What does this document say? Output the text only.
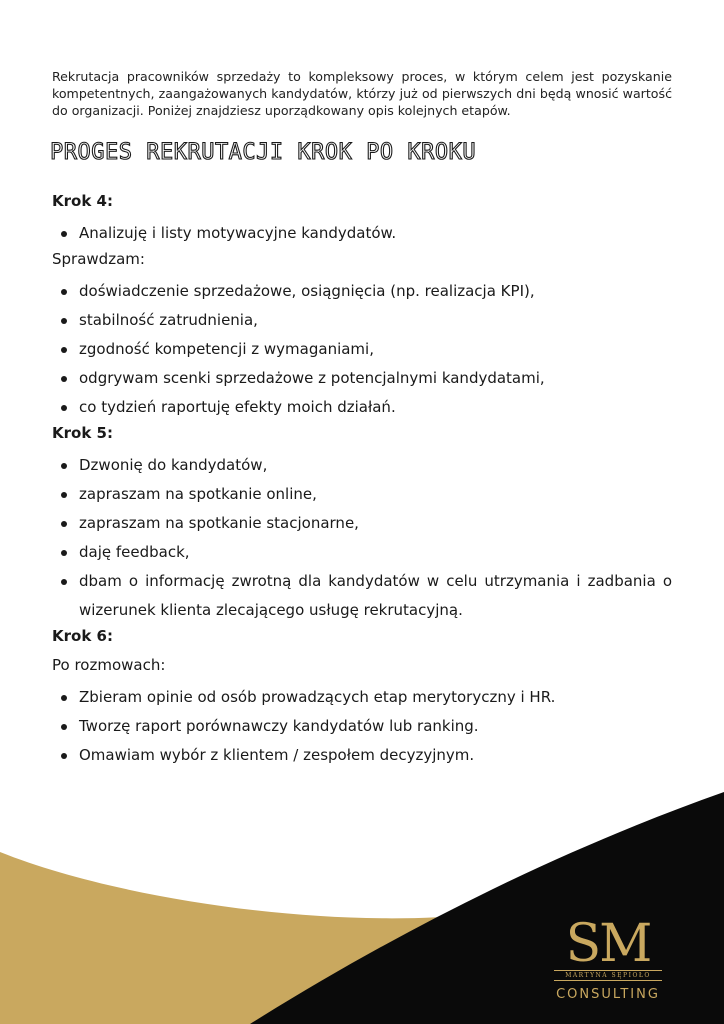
Rekrutacja pracowników sprzedaży to kompleksowy proces, w którym celem jest pozyskanie kompetentnych, zaangażowanych kandydatów, którzy już od pierwszych dni będą wnosić wartość do organizacji. Poniżej znajdziesz uporządkowany opis kolejnych etapów.
PROGES REKRUTACJI KROK PO KROKU

Krok 4:

Analizuję i listy motywacyjne kandydatów.

Sprawdzam:

doświadczenie sprzedażowe, osiągnięcia (np. realizacja KPI),
stabilność zatrudnienia,
zgodność kompetencji z wymaganiami,
odgrywam scenki sprzedażowe z potencjalnymi kandydatami,
co tydzień raportuję efekty moich działań.

Krok 5:

Dzwonię do kandydatów,
zapraszam na spotkanie online,
zapraszam na spotkanie stacjonarne,
daję feedback,
dbam o informację zwrotną dla kandydatów w celu utrzymania i zadbania o wizerunek klienta zlecającego usługę rekrutacyjną.

Krok 6:

Po rozmowach:

Zbieram opinie od osób prowadzących etap merytoryczny i HR.
Tworzę raport porównawczy kandydatów lub ranking.
Omawiam wybór z klientem / zespołem decyzyjnym.
SM
MARTYNA SĘPIOŁO
CONSULTING
